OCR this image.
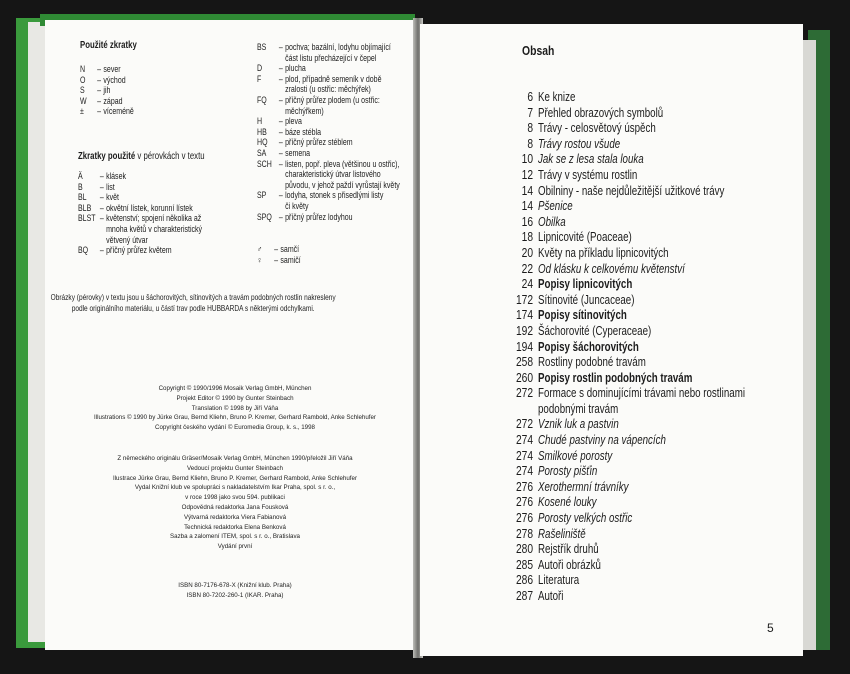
Použité zkratky
N	– sever
O	– východ
S	– jih
W	– západ
±	– víceméně
BS	– pochva; bazální, lodyhu objímající
část listu přecházející v čepel
D	– plucha
F	– plod, případně semeník v době
zralosti (u ostřic: měchýřek)
FQ	– příčný průřez plodem (u ostřic:
měchýřkem)
H	– pleva
HB	– báze stébla
HQ	– příčný průřez stéblem
SA	– semena
SCH – listen, popř. pleva (většinou u ostřic),
charakteristický útvar listového
původu, v jehož paždí vyrůstají květy
SP	– lodyha, stonek s přisedlými listy
či květy
SPQ – příčný průřez lodyhou
♂	– samčí
♀	– samičí
Zkratky použité v pérovkách v textu
Ä	– klásek
B	– list
BL	– květ
BLB – okvětní lístek, korunní lístek
BLST – květenství; spojení několika až
mnoha květů v charakteristický
větvený útvar
BQ	– příčný průřez květem
Obrázky (pérovky) v textu jsou u šáchorovitých, sítinovitých a travám podobných rostlin nakresleny podle originálního materiálu, u částí trav podle HUBBARDA s některými odchylkami.
Copyright © 1990/1996 Mosaik Verlag GmbH, München
Projekt Editor © 1990 by Gunter Steinbach
Translation © 1998 by Jiří Váňa
Illustrations © 1990 by Jürke Grau, Bernd Kliehn, Bruno P. Kremer, Gerhard Rambold, Anke Schlehufer
Copyright českého vydání © Euromedia Group, k. s., 1998
Z německého originálu Gräser/Mosaik Verlag GmbH, München 1990/přeložil Jiří Váňa
Vedoucí projektu Gunter Steinbach
Ilustrace Jürke Grau, Bernd Kliehn, Bruno P. Kremer, Gerhard Rambold, Anke Schlehufer
Vydal Knižní klub ve spolupráci s nakladatelstvím Ikar Praha, spol. s r. o.,
v roce 1998 jako svou 594. publikaci
Odpovědná redaktorka Jana Fousková
Výtvarná redaktorka Viera Fabianová
Technická redaktorka Elena Benková
Sazba a zalomení ITEM, spol. s r. o., Bratislava
Vydání první
ISBN 80-7176-678-X (Knižní klub. Praha)
ISBN 80-7202-260-1 (IKAR. Praha)
Obsah
6 Ke knize
7 Přehled obrazových symbolů
8 Trávy - celosvětový úspěch
8 Trávy rostou všude
10 Jak se z lesa stala louka
12 Trávy v systému rostlin
14 Obilniny - naše nejdůležitější užitkové trávy
14 Pšenice
16 Obilka
18 Lipnicovité (Poaceae)
20 Květy na příkladu lipnicovitých
22 Od klásku k celkovému květenství
24 Popisy lipnicovitých
172 Sítinovité (Juncaceae)
174 Popisy sítinovitých
192 Šáchorovité (Cyperaceae)
194 Popisy šáchorovitých
258 Rostliny podobné travám
260 Popisy rostlin podobných travám
272 Formace s dominujícími trávami nebo rostlinami
podobnými travám
272 Vznik luk a pastvin
274 Chudé pastviny na vápencích
274 Smilkové porosty
274 Porosty pišťin
276 Xerothermní trávníky
276 Kosené louky
276 Porosty velkých ostřic
278 Rašeliniště
280 Rejstřík druhů
285 Autoři obrázků
286 Literatura
287 Autoři
5
